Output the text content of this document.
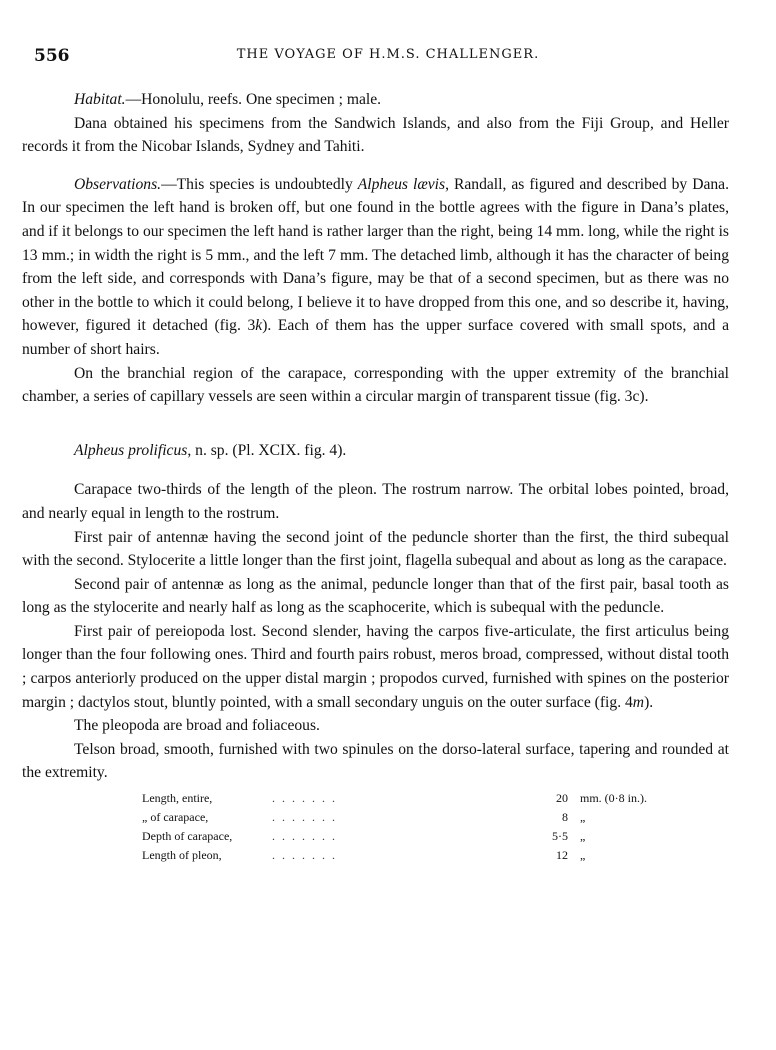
556	THE VOYAGE OF H.M.S. CHALLENGER.

Habitat.—Honolulu, reefs. One specimen ; male.

Dana obtained his specimens from the Sandwich Islands, and also from the Fiji Group, and Heller records it from the Nicobar Islands, Sydney and Tahiti.

Observations.—This species is undoubtedly Alpheus lævis, Randall, as figured and described by Dana. In our specimen the left hand is broken off, but one found in the bottle agrees with the figure in Dana’s plates, and if it belongs to our specimen the left hand is rather larger than the right, being 14 mm. long, while the right is 13 mm.; in width the right is 5 mm., and the left 7 mm. The detached limb, although it has the character of being from the left side, and corresponds with Dana’s figure, may be that of a second specimen, but as there was no other in the bottle to which it could belong, I believe it to have dropped from this one, and so describe it, having, however, figured it detached (fig. 3k). Each of them has the upper surface covered with small spots, and a number of short hairs.

On the branchial region of the carapace, corresponding with the upper extremity of the branchial chamber, a series of capillary vessels are seen within a circular margin of transparent tissue (fig. 3c).

Alpheus prolificus, n. sp. (Pl. XCIX. fig. 4).

Carapace two-thirds of the length of the pleon. The rostrum narrow. The orbital lobes pointed, broad, and nearly equal in length to the rostrum.

First pair of antennæ having the second joint of the peduncle shorter than the first, the third subequal with the second. Stylocerite a little longer than the first joint, flagella subequal and about as long as the carapace.

Second pair of antennæ as long as the animal, peduncle longer than that of the first pair, basal tooth as long as the stylocerite and nearly half as long as the scaphocerite, which is subequal with the peduncle.

First pair of pereiopoda lost. Second slender, having the carpos five-articulate, the first articulus being longer than the four following ones. Third and fourth pairs robust, meros broad, compressed, without distal tooth ; carpos anteriorly produced on the upper distal margin ; propodos curved, furnished with spines on the posterior margin ; dactylos stout, bluntly pointed, with a small secondary unguis on the outer surface (fig. 4m).

The pleopoda are broad and foliaceous.

Telson broad, smooth, furnished with two spinules on the dorso-lateral surface, tapering and rounded at the extremity.

Length, entire,	. . . . . . .	20	mm. (0·8 in.).
„ of carapace,	. . . . . . .	8	„
Depth of carapace,	. . . . . . .	5·5	„
Length of pleon,	. . . . . . .	12	„
